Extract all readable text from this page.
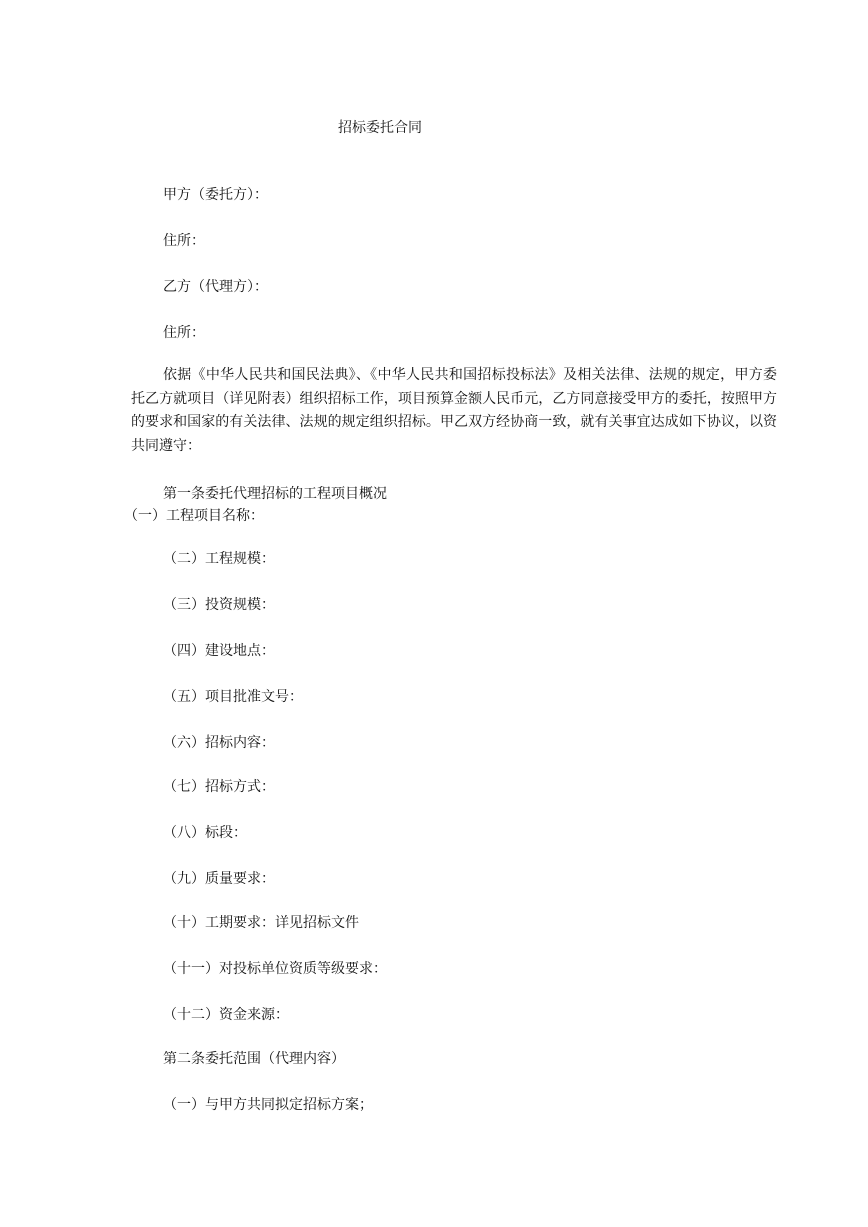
招标委托合同
甲方（委托方）：
住所：
乙方（代理方）：
住所：
依据《中华人民共和国民法典》、《中华人民共和国招标投标法》及相关法律、法规的规定，甲方委托乙方就项目（详见附表）组织招标工作，项目预算金额人民币元，乙方同意接受甲方的委托，按照甲方的要求和国家的有关法律、法规的规定组织招标。甲乙双方经协商一致，就有关事宜达成如下协议，以资共同遵守：
第一条委托代理招标的工程项目概况
（一）工程项目名称：
（二）工程规模：
（三）投资规模：
（四）建设地点：
（五）项目批准文号：
（六）招标内容：
（七）招标方式：
（八）标段：
（九）质量要求：
（十）工期要求：详见招标文件
（十一）对投标单位资质等级要求：
（十二）资金来源：
第二条委托范围（代理内容）
（一）与甲方共同拟定招标方案；
